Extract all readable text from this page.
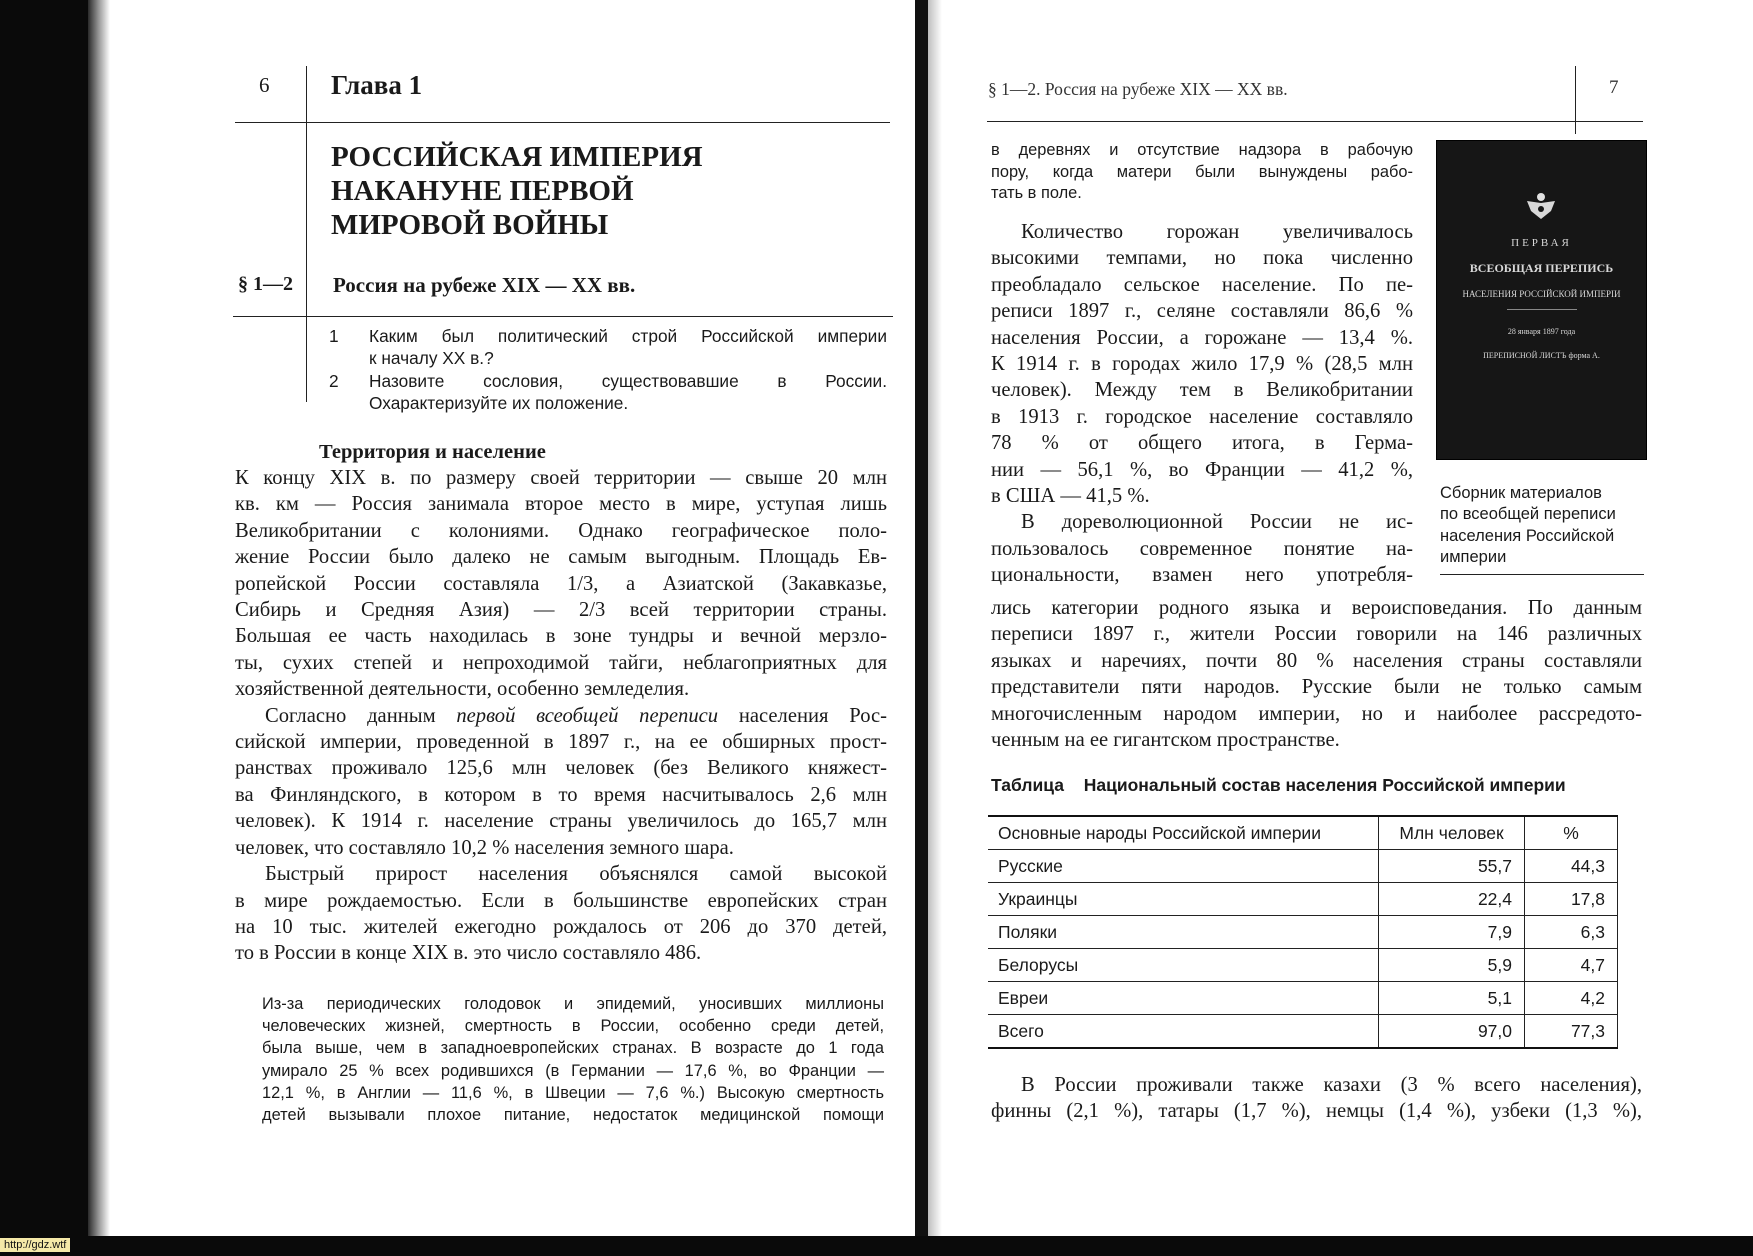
6 Глава 1
РОССИЙСКАЯ ИМПЕРИЯ
НАКАНУНЕ ПЕРВОЙ
МИРОВОЙ ВОЙНЫ
§ 1—2 Россия на рубеже XIX — XX вв.
1	Каким был политический строй Российской империи
к началу XX в.?
2	Назовите сословия, существовавшие в России.
Охарактеризуйте их положение.
Территория и население
К концу XIX в. по размеру своей территории — свыше 20 млн
кв. км — Россия занимала второе место в мире, уступая лишь
Великобритании с колониями. Однако географическое поло-
жение России было далеко не самым выгодным. Площадь Ев-
ропейской России составляла 1/3, а Азиатской (Закавказье,
Сибирь и Средняя Азия) — 2/3 всей территории страны.
Большая ее часть находилась в зоне тундры и вечной мерзло-
ты, сухих степей и непроходимой тайги, неблагоприятных для
хозяйственной деятельности, особенно земледелия.
Согласно данным первой всеобщей переписи населения Рос-
сийской империи, проведенной в 1897 г., на ее обширных прост-
ранствах проживало 125,6 млн человек (без Великого княжест-
ва Финляндского, в котором в то время насчитывалось 2,6 млн
человек). К 1914 г. население страны увеличилось до 165,7 млн
человек, что составляло 10,2 % населения земного шара.
Быстрый прирост населения объяснялся самой высокой
в мире рождаемостью. Если в большинстве европейских стран
на 10 тыс. жителей ежегодно рождалось от 206 до 370 детей,
то в России в конце XIX в. это число составляло 486.
Из-за периодических голодовок и эпидемий, уносивших миллионы
человеческих жизней, смертность в России, особенно среди детей,
была выше, чем в западноевропейских странах. В возрасте до 1 года
умирало 25 % всех родившихся (в Германии — 17,6 %, во Франции —
12,1 %, в Англии — 11,6 %, в Швеции — 7,6 %.) Высокую смертность
детей вызывали плохое питание, недостаток медицинской помощи
§ 1—2. Россия на рубеже XIX — XX вв.	7
в деревнях и отсутствие надзора в рабочую
пору, когда матери были вынуждены рабо-
тать в поле.
Количество горожан увеличивалось
высокими темпами, но пока численно
преобладало сельское население. По пе-
реписи 1897 г., селяне составляли 86,6 %
населения России, а горожане — 13,4 %.
К 1914 г. в городах жило 17,9 % (28,5 млн
человек). Между тем в Великобритании
в 1913 г. городское население составляло
78 % от общего итога, в Герма-
нии — 56,1 %, во Франции — 41,2 %,
в США — 41,5 %.
В дореволюционной России не ис-
пользовалось современное понятие на-
циональности, взамен него употребля-
лись категории родного языка и вероисповедания. По данным
переписи 1897 г., жители России говорили на 146 различных
языках и наречиях, почти 80 % населения страны составляли
представители пяти народов. Русские были не только самым
многочисленным народом империи, но и наиболее рассредото-
ченным на ее гигантском пространстве.
ПЕРВАЯ
ВСЕОБЩАЯ ПЕРЕПИСЬ
НАСЕЛЕНИЯ РОССІЙСКОЙ ИМПЕРІИ
28 января 1897 года
ПЕРЕПИСНОЙ ЛИСТЪ форма А.
Сборник материалов
по всеобщей переписи
населения Российской
империи
Таблица Национальный состав населения Российской империи
Основные народы Российской империи	Млн человек	%
Русские	55,7	44,3
Украинцы	22,4	17,8
Поляки	7,9	6,3
Белорусы	5,9	4,7
Евреи	5,1	4,2
Всего	97,0	77,3
В России проживали также казахи (3 % всего населения),
финны (2,1 %), татары (1,7 %), немцы (1,4 %), узбеки (1,3 %),
http://gdz.wtf
